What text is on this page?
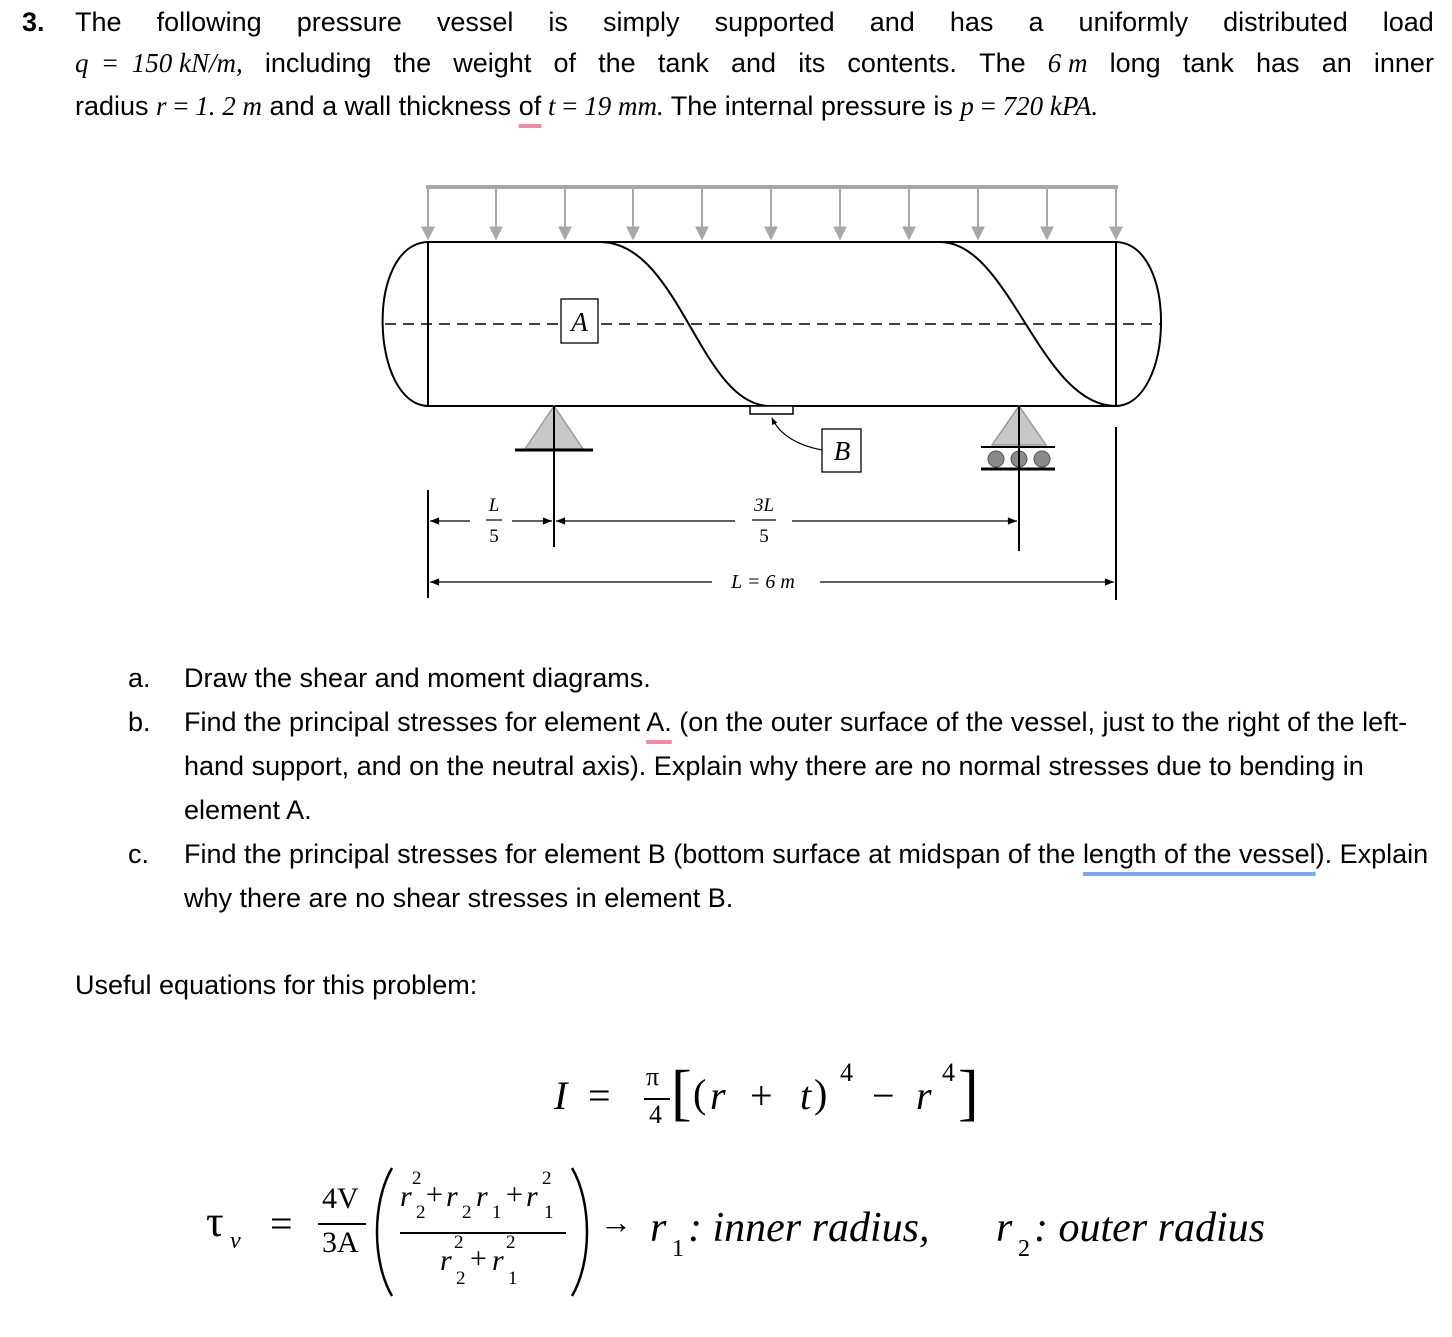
3. The following pressure vessel is simply supported and has a uniformly distributed load
q = 150 kN/m, including the weight of the tank and its contents. The 6 m long tank has an inner
radius r = 1. 2 m and a wall thickness of t = 19 mm. The internal pressure is p = 720 kPA.
A
B
L
5
3L
5
L = 6 m
a.	Draw the shear and moment diagrams.
b.	Find the principal stresses for element A. (on the outer surface of the vessel, just to the right of the left-hand support, and on the neutral axis). Explain why there are no normal stresses due to bending in element A.
c.	Find the principal stresses for element B (bottom surface at midspan of the length of the vessel). Explain why there are no shear stresses in element B.
Useful equations for this problem:
I = π
4 [ ( r + t ) 4
− r
4 ]
τ v =
4V
3A
r
2
2
+ r 2 r 1
+ r
2
1
r
2
2
+ r
2
1
→ r 1 : inner radius, r 2 : outer radius
